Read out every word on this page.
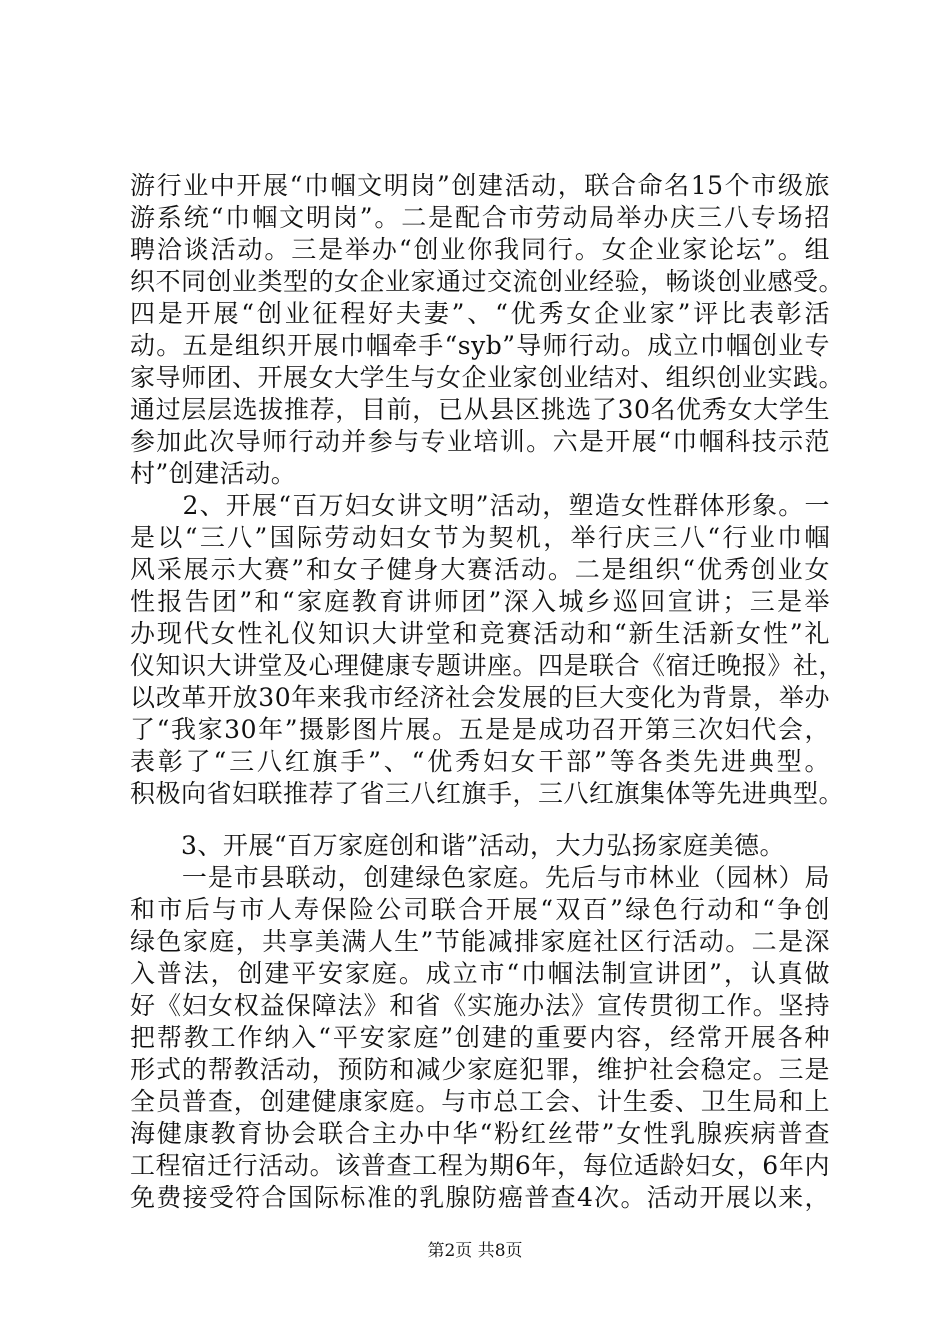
游行业中开展“巾帼文明岗”创建活动，联合命名15个市级旅
游系统“巾帼文明岗”。二是配合市劳动局举办庆三八专场招
聘洽谈活动。三是举办“创业你我同行。女企业家论坛”。组
织不同创业类型的女企业家通过交流创业经验，畅谈创业感受。
四是开展“创业征程好夫妻”、“优秀女企业家”评比表彰活
动。五是组织开展巾帼牵手“syb”导师行动。成立巾帼创业专
家导师团、开展女大学生与女企业家创业结对、组织创业实践。
通过层层选拔推荐，目前，已从县区挑选了30名优秀女大学生
参加此次导师行动并参与专业培训。六是开展“巾帼科技示范
村”创建活动。
　　2、开展“百万妇女讲文明”活动，塑造女性群体形象。一
是以“三八”国际劳动妇女节为契机，举行庆三八“行业巾帼
风采展示大赛”和女子健身大赛活动。二是组织“优秀创业女
性报告团”和“家庭教育讲师团”深入城乡巡回宣讲；三是举
办现代女性礼仪知识大讲堂和竞赛活动和“新生活新女性”礼
仪知识大讲堂及心理健康专题讲座。四是联合《宿迁晚报》社，
以改革开放30年来我市经济社会发展的巨大变化为背景，举办
了“我家30年”摄影图片展。五是是成功召开第三次妇代会，
表彰了“三八红旗手”、“优秀妇女干部”等各类先进典型。
积极向省妇联推荐了省三八红旗手，三八红旗集体等先进典型。
　　3、开展“百万家庭创和谐”活动，大力弘扬家庭美德。
　　一是市县联动，创建绿色家庭。先后与市林业（园林）局
和市后与市人寿保险公司联合开展“双百”绿色行动和“争创
绿色家庭，共享美满人生”节能减排家庭社区行活动。二是深
入普法，创建平安家庭。成立市“巾帼法制宣讲团”，认真做
好《妇女权益保障法》和省《实施办法》宣传贯彻工作。坚持
把帮教工作纳入“平安家庭”创建的重要内容，经常开展各种
形式的帮教活动，预防和减少家庭犯罪，维护社会稳定。三是
全员普查，创建健康家庭。与市总工会、计生委、卫生局和上
海健康教育协会联合主办中华“粉红丝带”女性乳腺疾病普查
工程宿迁行活动。该普查工程为期6年，每位适龄妇女，6年内
免费接受符合国际标准的乳腺防癌普查4次。活动开展以来，
第2页 共8页
